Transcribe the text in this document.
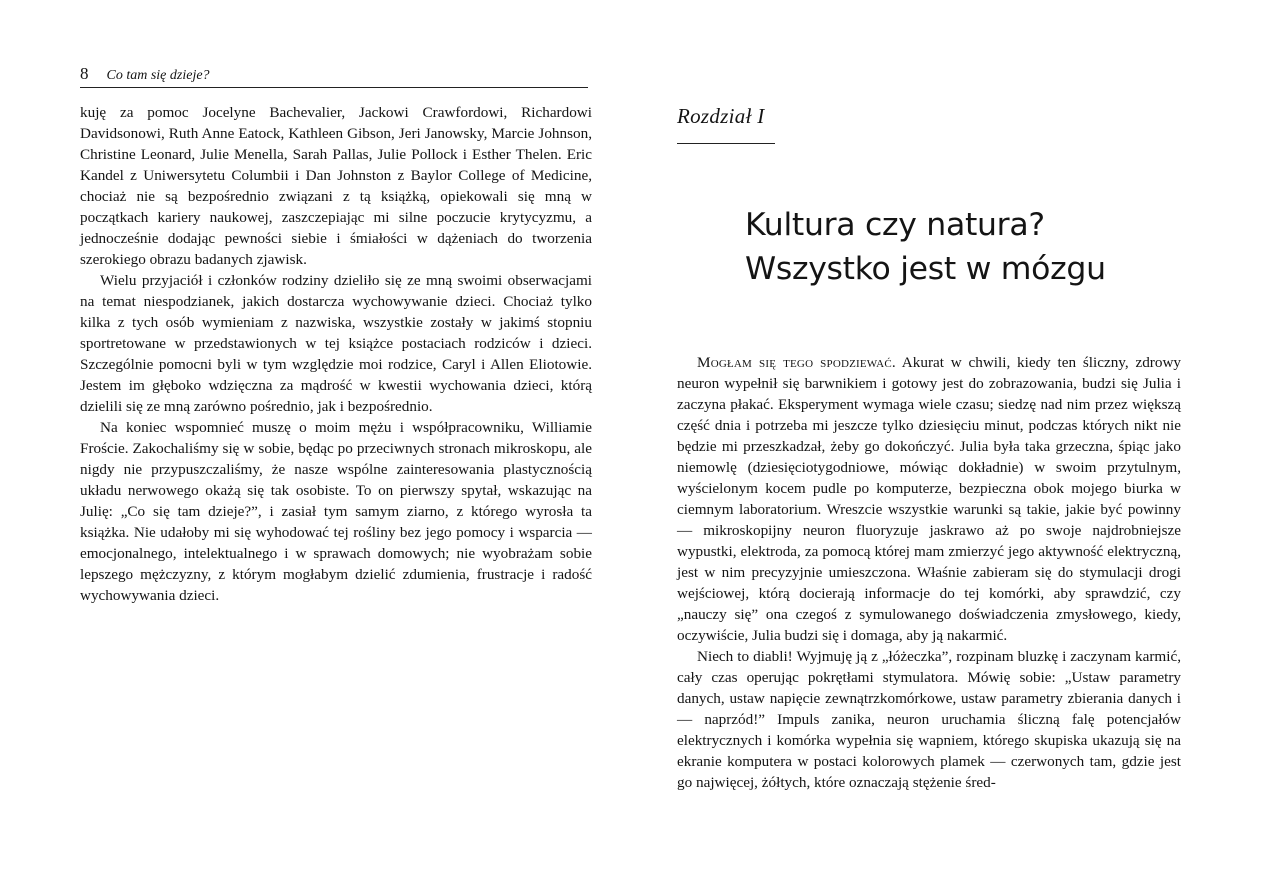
8 Co tam się dzieje?

kuję za pomoc Jocelyne Bachevalier, Jackowi Crawfordowi, Richardowi Davidsonowi, Ruth Anne Eatock, Kathleen Gibson, Jeri Janowsky, Marcie Johnson, Christine Leonard, Julie Menella, Sarah Pallas, Julie Pollock i Esther Thelen. Eric Kandel z Uniwersytetu Columbii i Dan Johnston z Baylor College of Medicine, chociaż nie są bezpośrednio związani z tą książką, opiekowali się mną w początkach kariery naukowej, zaszczepiając mi silne poczucie krytycyzmu, a jednocześnie dodając pewności siebie i śmiałości w dążeniach do tworzenia szerokiego obrazu badanych zjawisk.

Wielu przyjaciół i członków rodziny dzieliło się ze mną swoimi obserwacjami na temat niespodzianek, jakich dostarcza wychowywanie dzieci. Chociaż tylko kilka z tych osób wymieniam z nazwiska, wszystkie zostały w jakimś stopniu sportretowane w przedstawionych w tej książce postaciach rodziców i dzieci. Szczególnie pomocni byli w tym względzie moi rodzice, Caryl i Allen Eliotowie. Jestem im głęboko wdzięczna za mądrość w kwestii wychowania dzieci, którą dzielili się ze mną zarówno pośrednio, jak i bezpośrednio.

Na koniec wspomnieć muszę o moim mężu i współpracowniku, Williamie Froście. Zakochaliśmy się w sobie, będąc po przeciwnych stronach mikroskopu, ale nigdy nie przypuszczaliśmy, że nasze wspólne zainteresowania plastycznością układu nerwowego okażą się tak osobiste. To on pierwszy spytał, wskazując na Julię: „Co się tam dzieje?”, i zasiał tym samym ziarno, z którego wyrosła ta książka. Nie udałoby mi się wyhodować tej rośliny bez jego pomocy i wsparcia — emocjonalnego, intelektualnego i w sprawach domowych; nie wyobrażam sobie lepszego mężczyzny, z którym mogłabym dzielić zdumienia, frustracje i radość wychowywania dzieci.

Rozdział I
Kultura czy natura?
Wszystko jest w mózgu

Mogłam się tego spodziewać. Akurat w chwili, kiedy ten śliczny, zdrowy neuron wypełnił się barwnikiem i gotowy jest do zobrazowania, budzi się Julia i zaczyna płakać. Eksperyment wymaga wiele czasu; siedzę nad nim przez większą część dnia i potrzeba mi jeszcze tylko dziesięciu minut, podczas których nikt nie będzie mi przeszkadzał, żeby go dokończyć. Julia była taka grzeczna, śpiąc jako niemowlę (dziesięciotygodniowe, mówiąc dokładnie) w swoim przytulnym, wyścielonym kocem pudle po komputerze, bezpieczna obok mojego biurka w ciemnym laboratorium. Wreszcie wszystkie warunki są takie, jakie być powinny — mikroskopijny neuron fluoryzuje jaskrawo aż po swoje najdrobniejsze wypustki, elektroda, za pomocą której mam zmierzyć jego aktywność elektryczną, jest w nim precyzyjnie umieszczona. Właśnie zabieram się do stymulacji drogi wejściowej, którą docierają informacje do tej komórki, aby sprawdzić, czy „nauczy się” ona czegoś z symulowanego doświadczenia zmysłowego, kiedy, oczywiście, Julia budzi się i domaga, aby ją nakarmić.

Niech to diabli! Wyjmuję ją z „łóżeczka”, rozpinam bluzkę i zaczynam karmić, cały czas operując pokrętłami stymulatora. Mówię sobie: „Ustaw parametry danych, ustaw napięcie zewnątrzkomórkowe, ustaw parametry zbierania danych i — naprzód!” Impuls zanika, neuron uruchamia śliczną falę potencjałów elektrycznych i komórka wypełnia się wapniem, którego skupiska ukazują się na ekranie komputera w postaci kolorowych plamek — czerwonych tam, gdzie jest go najwięcej, żółtych, które oznaczają stężenie śred-
